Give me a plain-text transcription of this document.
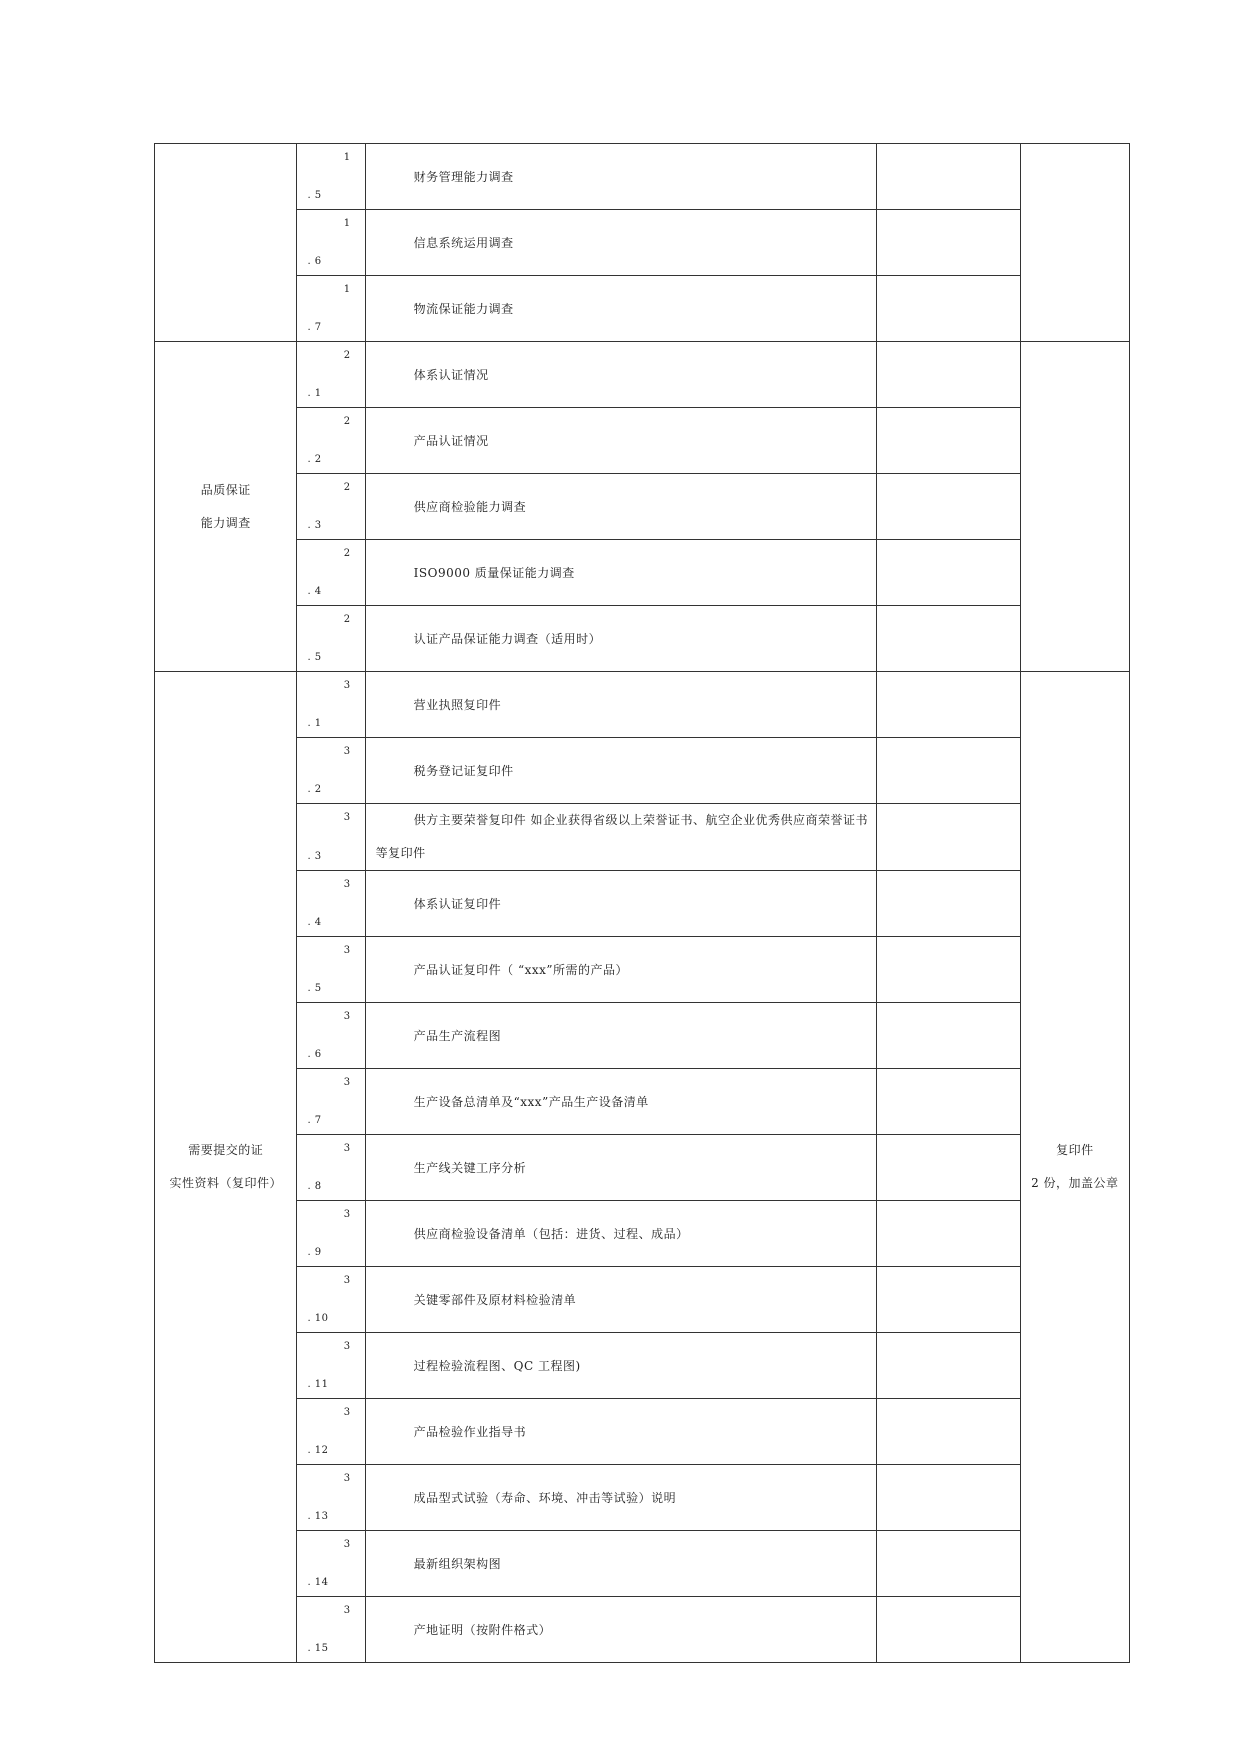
	1
. 5	财务管理能力调查		

	1
. 6	信息系统运用调查		

	1
. 7	物流保证能力调查		

品质保证
能力调查	2
. 1	体系认证情况		

	2
. 2	产品认证情况		

	2
. 3	供应商检验能力调查		

	2
. 4	ISO9000 质量保证能力调查		

	2
. 5	认证产品保证能力调查（适用时）		

需要提交的证
实性资料（复印件）	3
. 1	营业执照复印件		复印件
2 份，加盖公章

	3
. 2	税务登记证复印件		

	3
. 3	供方主要荣誉复印件 如企业获得省级以上荣誉证书、航空企业优秀供应商荣誉证书
等复印件		

	3
. 4	体系认证复印件		

	3
. 5	产品认证复印件（ “xxx”所需的产品）		

	3
. 6	产品生产流程图		

	3
. 7	生产设备总清单及“xxx”产品生产设备清单		

	3
. 8	生产线关键工序分析		

	3
. 9	供应商检验设备清单（包括：进货、过程、成品）		

	3
. 10	关键零部件及原材料检验清单		

	3
. 11	过程检验流程图、QC 工程图)		

	3
. 12	产品检验作业指导书		

	3
. 13	成品型式试验（寿命、环境、冲击等试验）说明		

	3
. 14	最新组织架构图		

	3
. 15	产地证明（按附件格式）		
